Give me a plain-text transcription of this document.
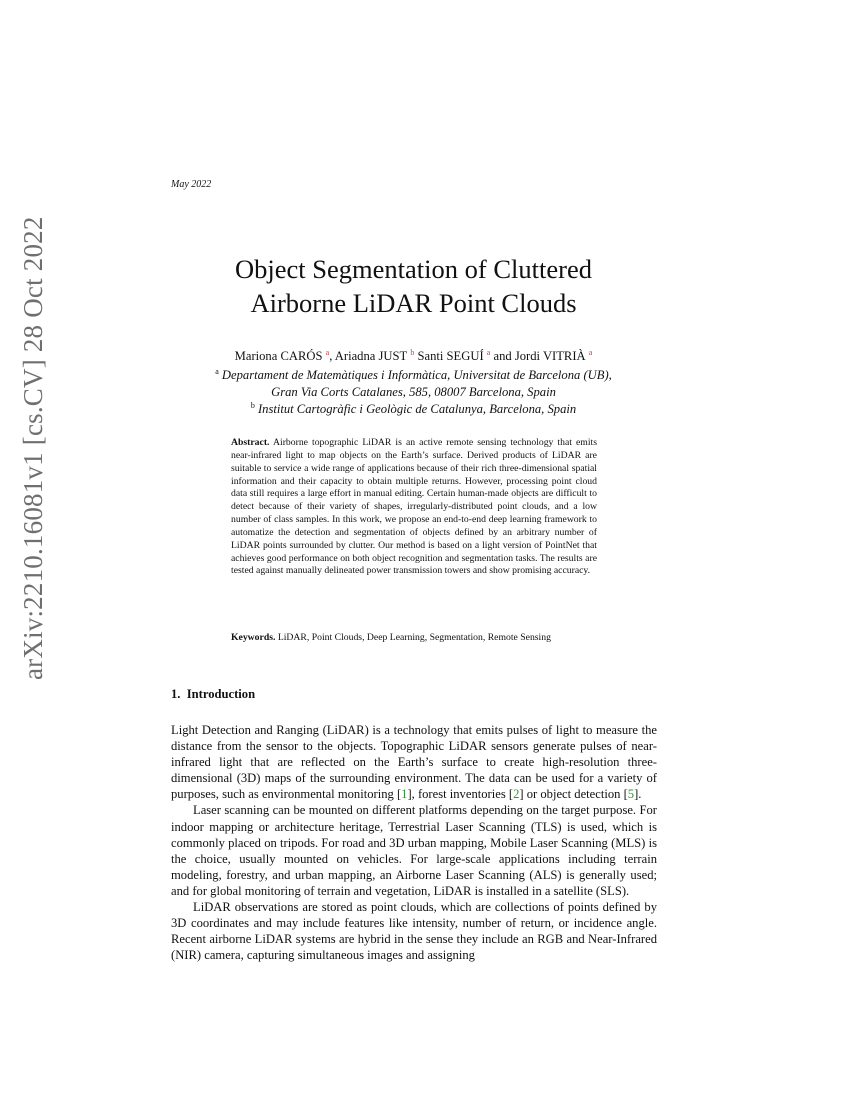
arXiv:2210.16081v1 [cs.CV] 28 Oct 2022
May 2022
Object Segmentation of Cluttered
Airborne LiDAR Point Clouds
Mariona CARÓS $^a$, Ariadna JUST $^b$ Santi SEGUÍ $^a$ and Jordi VITRIÀ $^a$
$^a$ Departament de Matemàtiques i Informàtica, Universitat de Barcelona (UB),
Gran Via Corts Catalanes, 585, 08007 Barcelona, Spain
$^b$ Institut Cartogràfic i Geològic de Catalunya, Barcelona, Spain
Abstract. Airborne topographic LiDAR is an active remote sensing technology that emits near-infrared light to map objects on the Earth’s surface. Derived products of LiDAR are suitable to service a wide range of applications because of their rich three-dimensional spatial information and their capacity to obtain multiple returns. However, processing point cloud data still requires a large effort in manual editing. Certain human-made objects are difficult to detect because of their variety of shapes, irregularly-distributed point clouds, and a low number of class samples. In this work, we propose an end-to-end deep learning framework to automatize the detection and segmentation of objects defined by an arbitrary number of LiDAR points surrounded by clutter. Our method is based on a light version of PointNet that achieves good performance on both object recognition and segmentation tasks. The results are tested against manually delineated power transmission towers and show promising accuracy.
Keywords. LiDAR, Point Clouds, Deep Learning, Segmentation, Remote Sensing
1. Introduction

Light Detection and Ranging (LiDAR) is a technology that emits pulses of light to measure the distance from the sensor to the objects. Topographic LiDAR sensors generate pulses of near-infrared light that are reflected on the Earth’s surface to create high-resolution three-dimensional (3D) maps of the surrounding environment. The data can be used for a variety of purposes, such as environmental monitoring [1], forest inventories [2] or object detection [5].

Laser scanning can be mounted on different platforms depending on the target purpose. For indoor mapping or architecture heritage, Terrestrial Laser Scanning (TLS) is used, which is commonly placed on tripods. For road and 3D urban mapping, Mobile Laser Scanning (MLS) is the choice, usually mounted on vehicles. For large-scale applications including terrain modeling, forestry, and urban mapping, an Airborne Laser Scanning (ALS) is generally used; and for global monitoring of terrain and vegetation, LiDAR is installed in a satellite (SLS).

LiDAR observations are stored as point clouds, which are collections of points defined by 3D coordinates and may include features like intensity, number of return, or incidence angle. Recent airborne LiDAR systems are hybrid in the sense they include an RGB and Near-Infrared (NIR) camera, capturing simultaneous images and assigning
